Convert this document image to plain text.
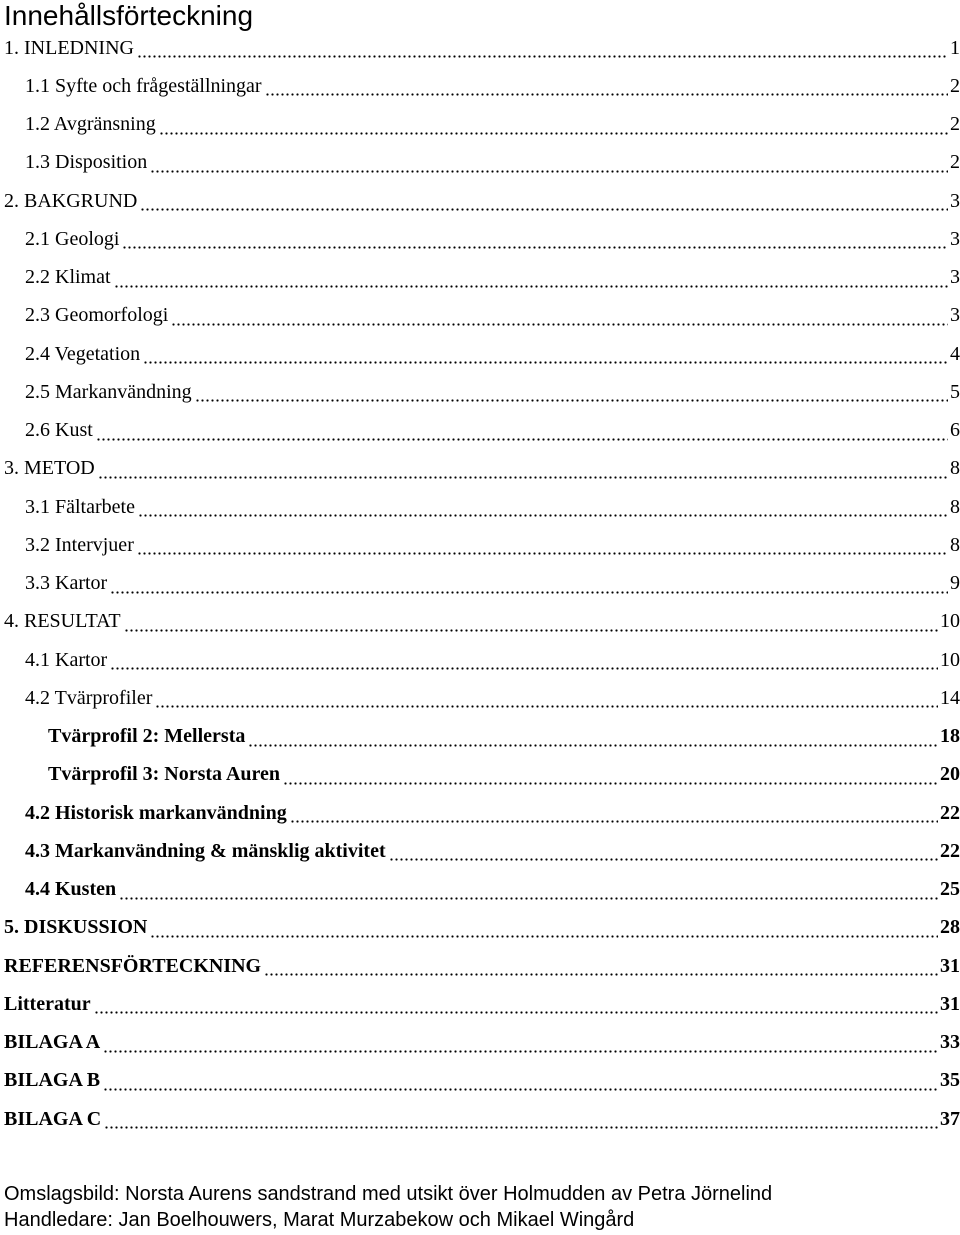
Innehållsförteckning
1. INLEDNING	1
1.1 Syfte och frågeställningar	2
1.2 Avgränsning	2
1.3 Disposition	2
2. BAKGRUND	3
2.1 Geologi	3
2.2 Klimat	3
2.3 Geomorfologi	3
2.4 Vegetation	4
2.5 Markanvändning	5
2.6 Kust	6
3. METOD	8
3.1 Fältarbete	8
3.2 Intervjuer	8
3.3 Kartor	9
4. RESULTAT	10
4.1 Kartor	10
4.2 Tvärprofiler	14
Tvärprofil 2: Mellersta	18
Tvärprofil 3: Norsta Auren	20
4.2 Historisk markanvändning	22
4.3 Markanvändning & mänsklig aktivitet	22
4.4 Kusten	25
5. DISKUSSION	28
REFERENSFÖRTECKNING	31
Litteratur	31
BILAGA A	33
BILAGA B	35
BILAGA C	37
Omslagsbild: Norsta Aurens sandstrand med utsikt över Holmudden av Petra Jörnelind
Handledare: Jan Boelhouwers, Marat Murzabekow och Mikael Wingård
